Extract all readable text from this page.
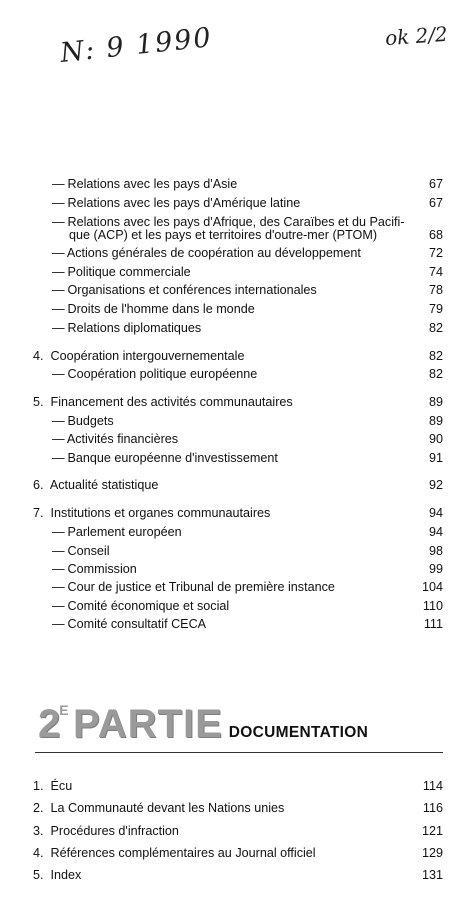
N: 9 1990	ok 2/2
— Relations avec les pays d'Asie	67
— Relations avec les pays d'Amérique latine	67
— Relations avec les pays d'Afrique, des Caraïbes et du Pacifi-
que (ACP) et les pays et territoires d'outre-mer (PTOM)	68
— Actions générales de coopération au développement	72
— Politique commerciale	74
— Organisations et conférences internationales	78
— Droits de l'homme dans le monde	79
— Relations diplomatiques	82
4. Coopération intergouvernementale	82
— Coopération politique européenne	82
5. Financement des activités communautaires	89
— Budgets	89
— Activités financières	90
— Banque européenne d'investissement	91
6. Actualité statistique	92
7. Institutions et organes communautaires	94
— Parlement européen	94
— Conseil	98
— Commission	99
— Cour de justice et Tribunal de première instance	104
— Comité économique et social	110
— Comité consultatif CECA	111
2E PARTIE DOCUMENTATION
1. Écu	114
2. La Communauté devant les Nations unies	116
3. Procédures d'infraction	121
4. Références complémentaires au Journal officiel	129
5. Index	131
